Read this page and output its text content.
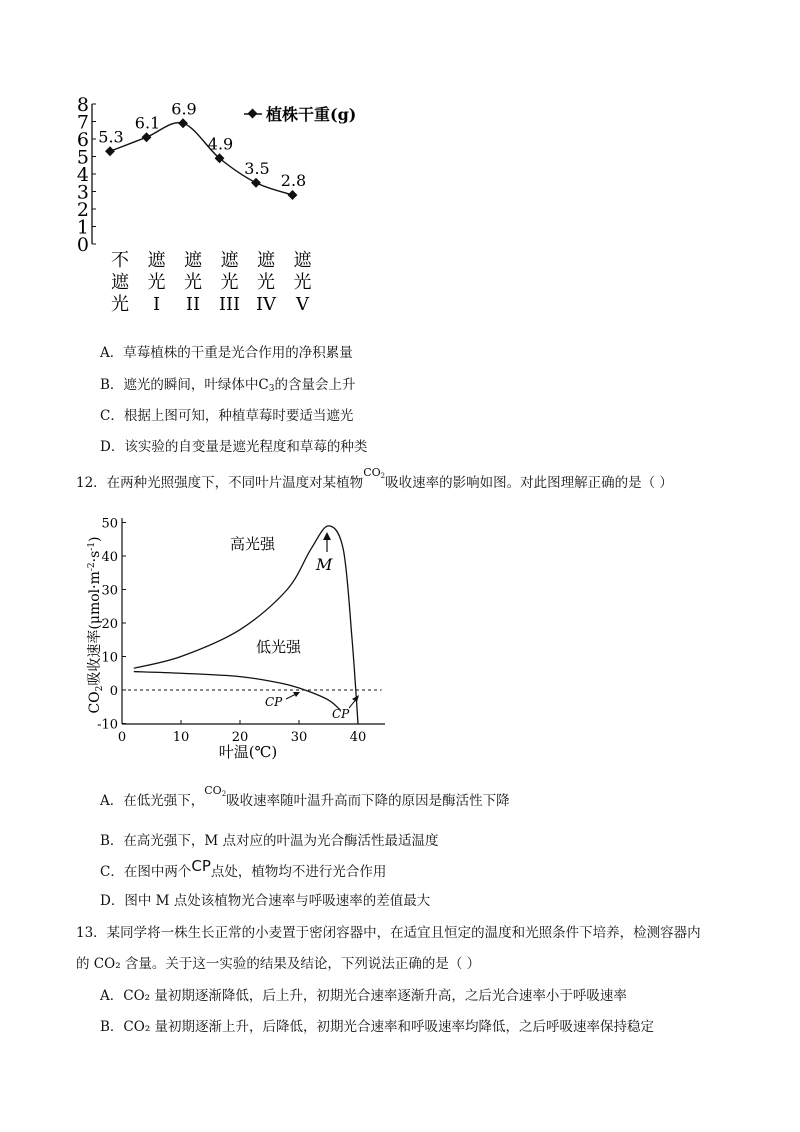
0
1
2
3
4
5
6
7
8
5.3
6.1
6.9
4.9
3.5
2.8
不
遮
光
遮
光
I
遮
光
II
遮
光
III
遮
光
IV
遮
光
V
植株干重(g)
A．草莓植株的干重是光合作用的净积累量
B．遮光的瞬间，叶绿体中$C_3$的含量会上升
C．根据上图可知，种植草莓时要适当遮光
D．该实验的自变量是遮光程度和草莓的种类
12．在两种光照强度下，不同叶片温度对某植物$^{CO2}$吸收速率的影响如图。对此图理解正确的是（ ）
$CO_2$吸收速率$(\mu mol\cdot m^{-2}\cdot s^{-1})$
50
40
30
20
10
0
-10
0	10	20	30	40
高光强
低光强
M
CP
CP
叶温(℃)
A．在低光强下，$^{CO2}$吸收速率随叶温升高而下降的原因是酶活性下降
B．在高光强下，M 点对应的叶温为光合酶活性最适温度
C．在图中两个CP点处，植物均不进行光合作用
D．图中 M 点处该植物光合速率与呼吸速率的差值最大
13．某同学将一株生长正常的小麦置于密闭容器中，在适宜且恒定的温度和光照条件下培养，检测容器内
的 CO₂ 含量。关于这一实验的结果及结论，下列说法正确的是（ ）
A．CO₂ 量初期逐渐降低，后上升，初期光合速率逐渐升高，之后光合速率小于呼吸速率
B．CO₂ 量初期逐渐上升，后降低，初期光合速率和呼吸速率均降低，之后呼吸速率保持稳定
